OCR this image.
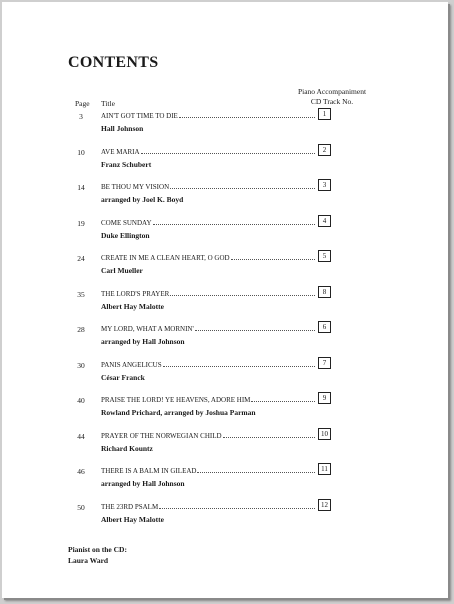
CONTENTS
Piano Accompaniment
CD Track No.
Page Title
3	AIN'T GOT TIME TO DIE	1
Hall Johnson
10	AVE MARIA	2
Franz Schubert
14	BE THOU MY VISION	3
arranged by Joel K. Boyd
19	COME SUNDAY	4
Duke Ellington
24	CREATE IN ME A CLEAN HEART, O GOD	5
Carl Mueller
35	THE LORD'S PRAYER	8
Albert Hay Malotte
28	MY LORD, WHAT A MORNIN'	6
arranged by Hall Johnson
30	PANIS ANGELICUS	7
César Franck
40	PRAISE THE LORD! YE HEAVENS, ADORE HIM	9
Rowland Prichard, arranged by Joshua Parman
44	PRAYER OF THE NORWEGIAN CHILD	10
Richard Kountz
46	THERE IS A BALM IN GILEAD	11
arranged by Hall Johnson
50	THE 23RD PSALM	12
Albert Hay Malotte
Pianist on the CD:
Laura Ward
